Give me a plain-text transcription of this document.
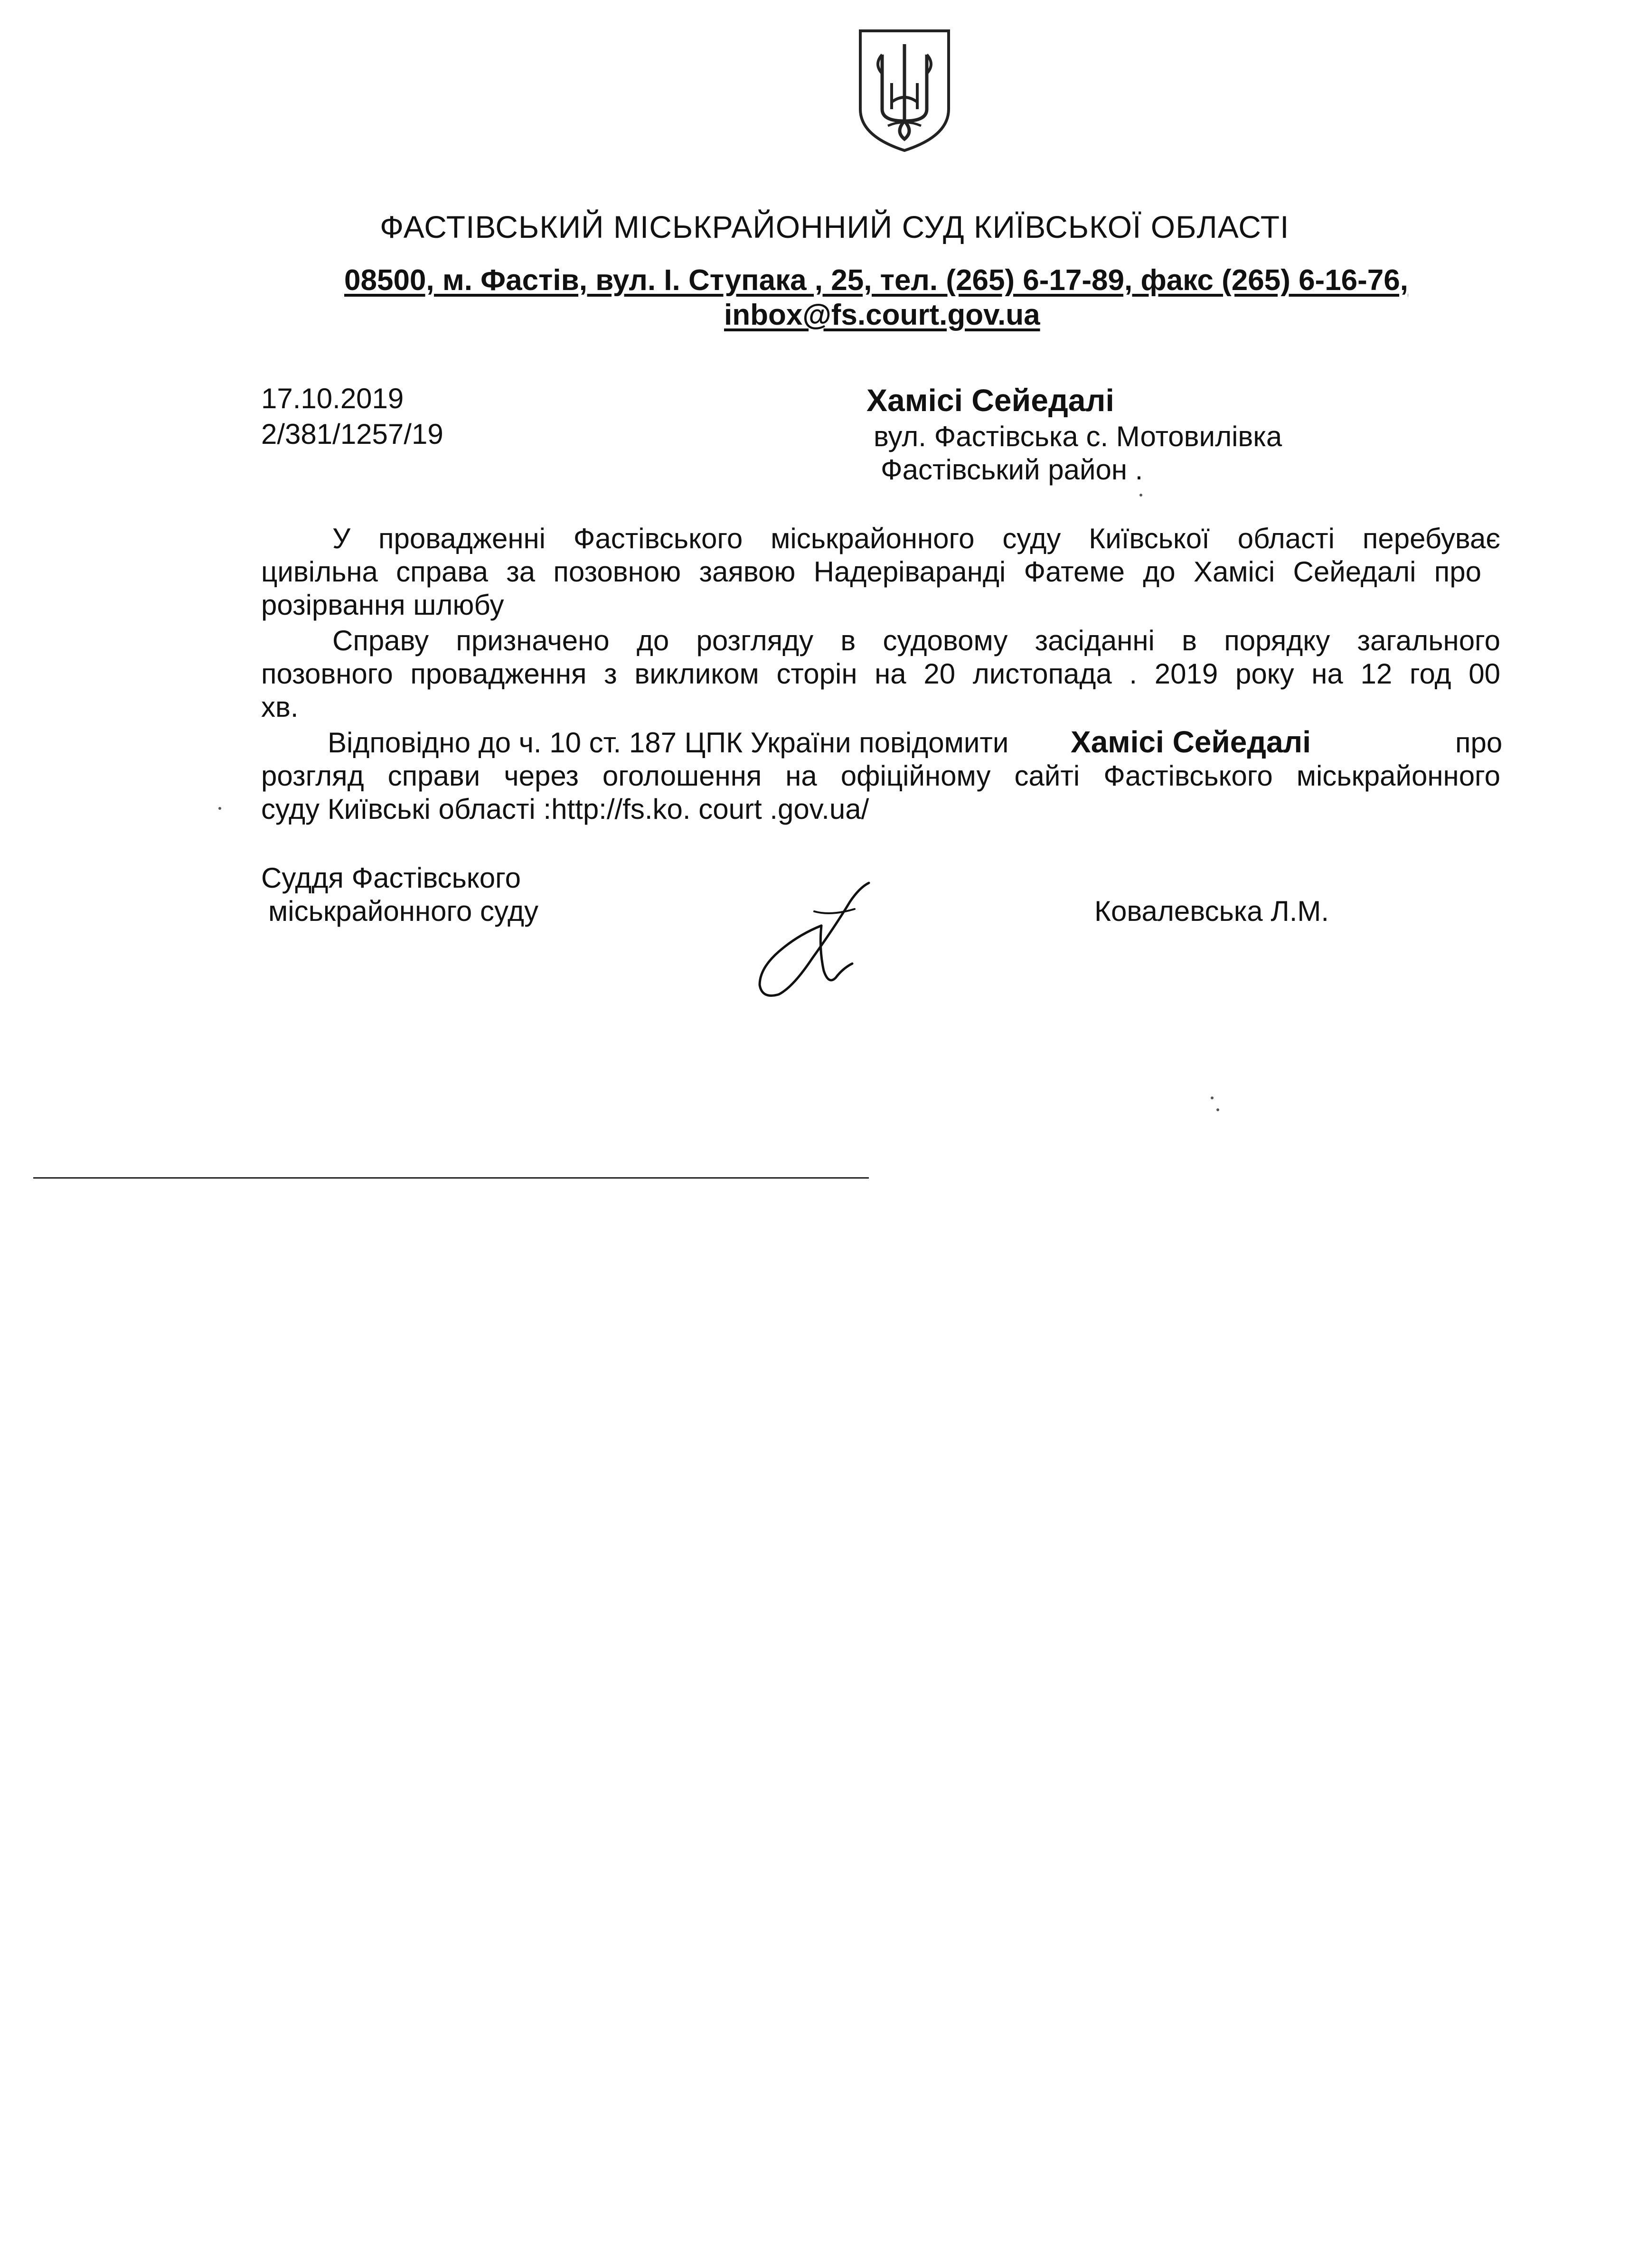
ФАСТІВСЬКИЙ МІСЬКРАЙОННИЙ СУД КИЇВСЬКОЇ ОБЛАСТІ
08500, м. Фастів, вул. І. Ступака , 25, тел. (265) 6-17-89, факс (265) 6-16-76,
inbox@fs.court.gov.ua
17.10.2019
2/381/1257/19
Хамісі Сейедалі
вул. Фастівська с. Мотовилівка
Фастівський район .
У провадженні Фастівського міськрайонного суду Київської області перебуває
цивільна справа за позовною заявою Надеріваранді Фатеме до Хамісі Сейедалі про
розірвання шлюбу
Справу призначено до розгляду в судовому засіданні в порядку загального
позовного провадження з викликом сторін на 20 листопада . 2019 року на 12 год 00
хв.
Відповідно до ч. 10 ст. 187 ЦПК України повідомити Хамісі Сейедалі	про
розгляд справи через оголошення на офіційному сайті Фастівського міськрайонного
суду Київські області :http://fs.ko. court .gov.ua/
Суддя Фастівського
міськрайонного суду	Ковалевська Л.М.
